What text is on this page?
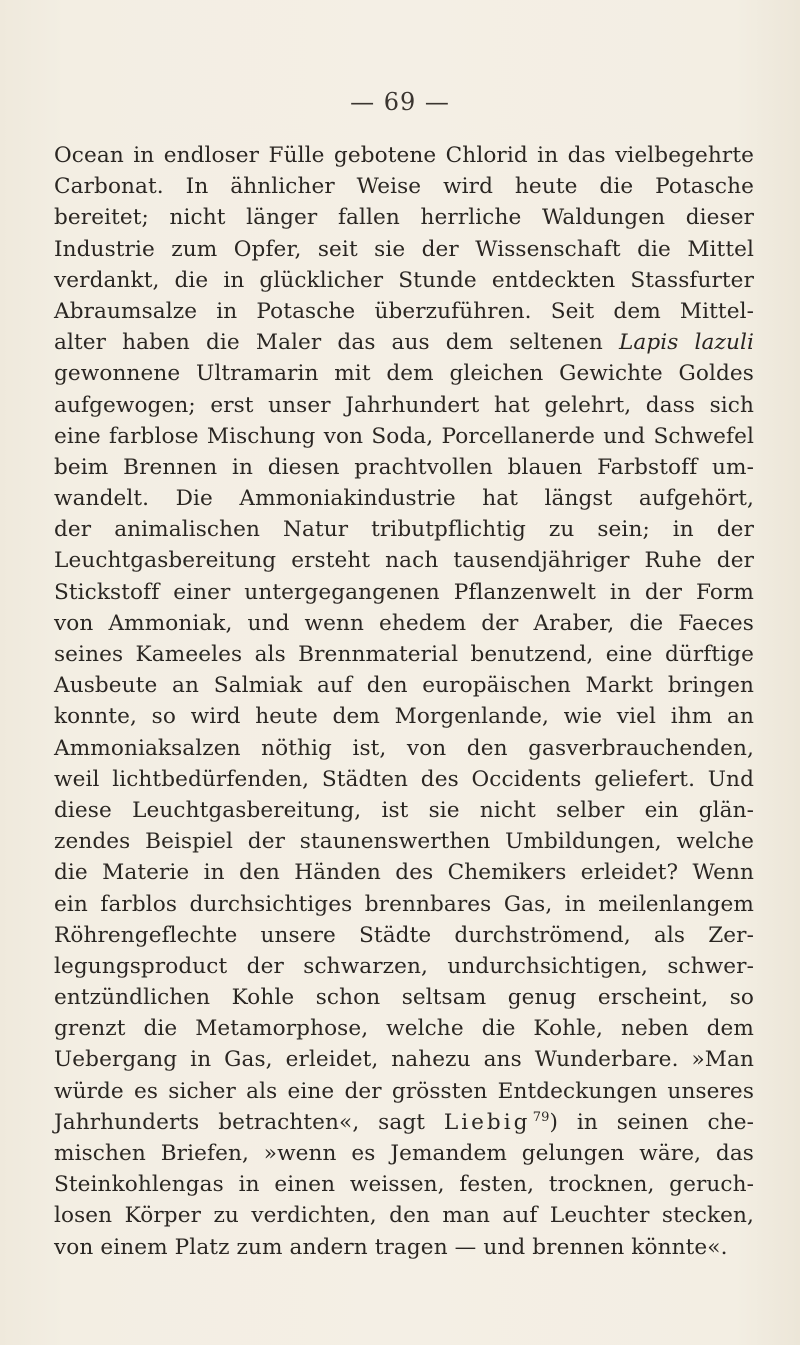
— 69 —
Ocean in endloser Fülle gebotene Chlorid in das vielbegehrte
Carbonat. In ähnlicher Weise wird heute die Potasche
bereitet; nicht länger fallen herrliche Waldungen dieser
Industrie zum Opfer, seit sie der Wissenschaft die Mittel
verdankt, die in glücklicher Stunde entdeckten Stassfurter
Abraumsalze in Potasche überzuführen. Seit dem Mittel-
alter haben die Maler das aus dem seltenen Lapis lazuli
gewonnene Ultramarin mit dem gleichen Gewichte Goldes
aufgewogen; erst unser Jahrhundert hat gelehrt, dass sich
eine farblose Mischung von Soda, Porcellanerde und Schwefel
beim Brennen in diesen prachtvollen blauen Farbstoff um-
wandelt. Die Ammoniakindustrie hat längst aufgehört,
der animalischen Natur tributpflichtig zu sein; in der
Leuchtgasbereitung ersteht nach tausendjähriger Ruhe der
Stickstoff einer untergegangenen Pflanzenwelt in der Form
von Ammoniak, und wenn ehedem der Araber, die Faeces
seines Kameeles als Brennmaterial benutzend, eine dürftige
Ausbeute an Salmiak auf den europäischen Markt bringen
konnte, so wird heute dem Morgenlande, wie viel ihm an
Ammoniaksalzen nöthig ist, von den gasverbrauchenden,
weil lichtbedürfenden, Städten des Occidents geliefert. Und
diese Leuchtgasbereitung, ist sie nicht selber ein glän-
zendes Beispiel der staunenswerthen Umbildungen, welche
die Materie in den Händen des Chemikers erleidet? Wenn
ein farblos durchsichtiges brennbares Gas, in meilenlangem
Röhrengeflechte unsere Städte durchströmend, als Zer-
legungsproduct der schwarzen, undurchsichtigen, schwer-
entzündlichen Kohle schon seltsam genug erscheint, so
grenzt die Metamorphose, welche die Kohle, neben dem
Uebergang in Gas, erleidet, nahezu ans Wunderbare. »Man
würde es sicher als eine der grössten Entdeckungen unseres
Jahrhunderts betrachten«, sagt Liebig  $^{79}$) in seinen che-
mischen Briefen, »wenn es Jemandem gelungen wäre, das
Steinkohlengas in einen weissen, festen, trocknen, geruch-
losen Körper zu verdichten, den man auf Leuchter stecken,
von einem Platz zum andern tragen — und brennen könnte«.
